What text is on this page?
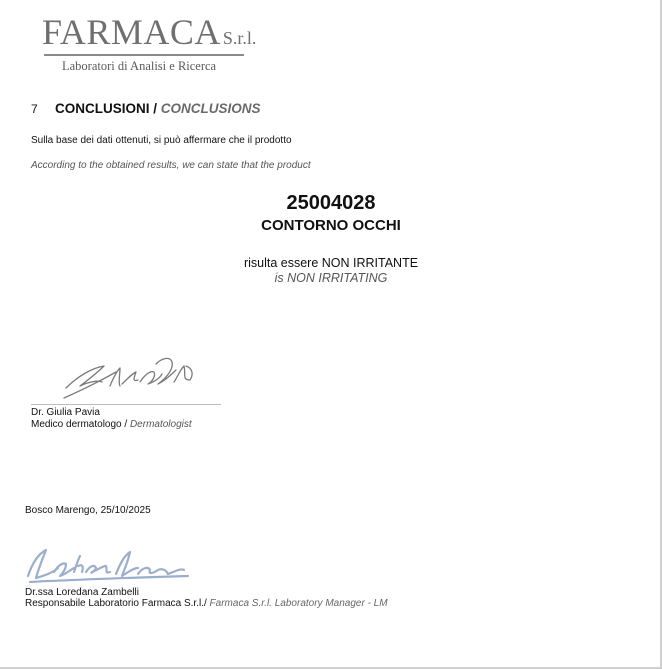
FARMACA S.r.l.
Laboratori di Analisi e Ricerca
7 CONCLUSIONI / CONCLUSIONS
Sulla base dei dati ottenuti, si può affermare che il prodotto
According to the obtained results, we can state that the product
25004028
CONTORNO OCCHI
risulta essere NON IRRITANTE
is NON IRRITATING
Dr. Giulia Pavia
Medico dermatologo / Dermatologist
Bosco Marengo, 25/10/2025
Dr.ssa Loredana Zambelli
Responsabile Laboratorio Farmaca S.r.l./ Farmaca S.r.l. Laboratory Manager - LM
